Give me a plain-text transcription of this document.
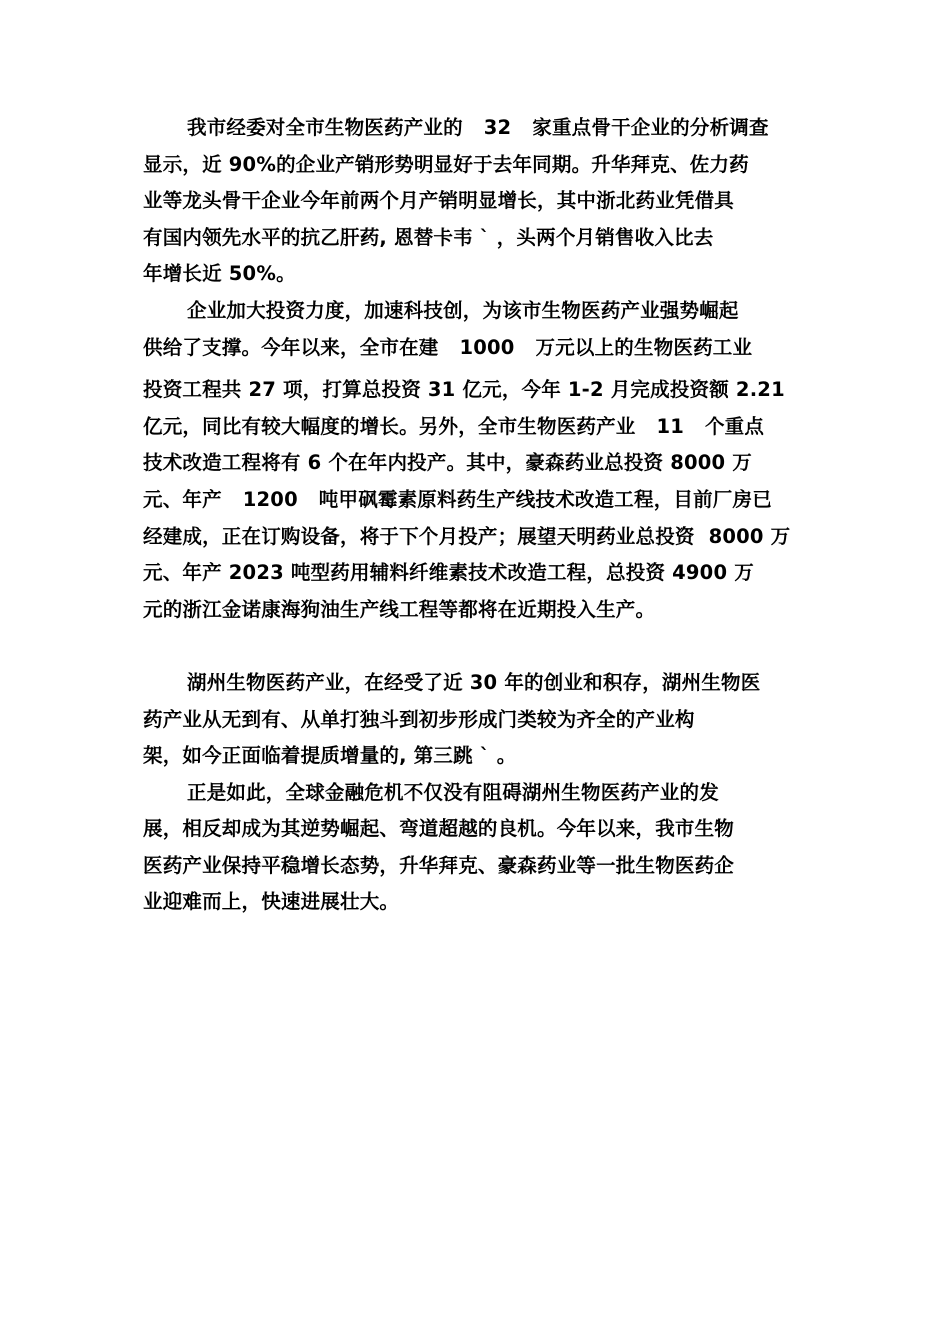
我市经委对全市生物医药产业的   32   家重点骨干企业的分析调查
显示，近 90%的企业产销形势明显好于去年同期。升华拜克、佐力药
业等龙头骨干企业今年前两个月产销明显增长，其中浙北药业凭借具
有国内领先水平的抗乙肝药, 恩替卡韦 ` ，头两个月销售收入比去
年增长近 50%。
企业加大投资力度，加速科技创，为该市生物医药产业强势崛起
供给了支撑。今年以来，全市在建   1000   万元以上的生物医药工业
投资工程共 27 项，打算总投资 31 亿元，今年 1-2 月完成投资额 2.21
亿元，同比有较大幅度的增长。另外，全市生物医药产业   11   个重点
技术改造工程将有 6 个在年内投产。其中，豪森药业总投资 8000 万
元、年产   1200   吨甲砜霉素原料药生产线技术改造工程，目前厂房已
经建成，正在订购设备，将于下个月投产；展望天明药业总投资  8000 万
元、年产 2023 吨型药用辅料纤维素技术改造工程，总投资 4900 万
元的浙江金诺康海狗油生产线工程等都将在近期投入生产。
湖州生物医药产业，在经受了近 30 年的创业和积存，湖州生物医
药产业从无到有、从单打独斗到初步形成门类较为齐全的产业构
架，如今正面临着提质增量的, 第三跳 ` 。
正是如此，全球金融危机不仅没有阻碍湖州生物医药产业的发
展，相反却成为其逆势崛起、弯道超越的良机。今年以来，我市生物
医药产业保持平稳增长态势，升华拜克、豪森药业等一批生物医药企
业迎难而上，快速进展壮大。
